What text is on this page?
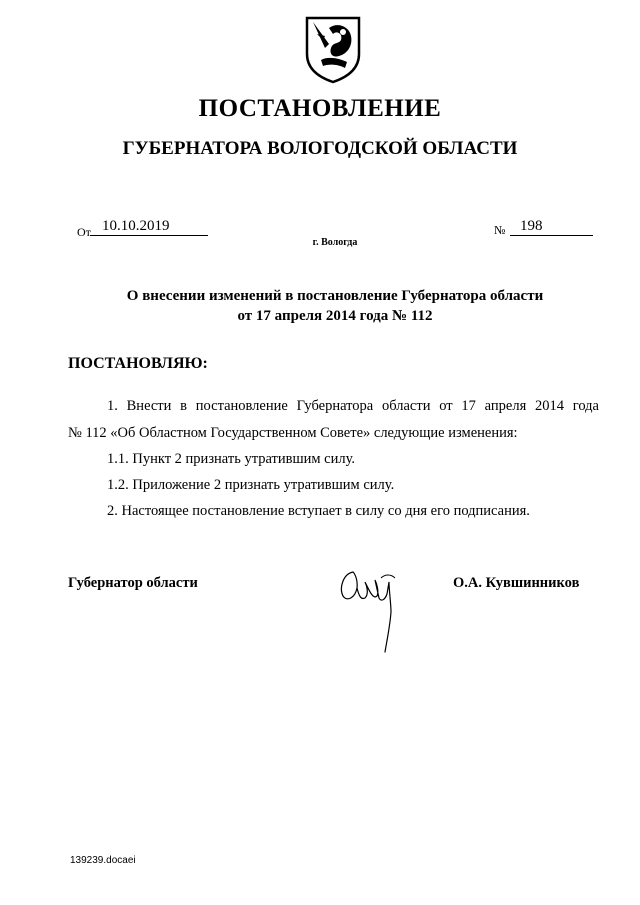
ПОСТАНОВЛЕНИЕ
ГУБЕРНАТОРА ВОЛОГОДСКОЙ ОБЛАСТИ
От 10.10.2019	№ 198
г. Вологда
О внесении изменений в постановление Губернатора области
от 17 апреля 2014 года № 112
ПОСТАНОВЛЯЮ:
1. Внести в постановление Губернатора области от 17 апреля 2014 года
№ 112 «Об Областном Государственном Совете» следующие изменения:
1.1. Пункт 2 признать утратившим силу.
1.2. Приложение 2 признать утратившим силу.
2. Настоящее постановление вступает в силу со дня его подписания.
Губернатор области	О.А. Кувшинников
139239.docaei
